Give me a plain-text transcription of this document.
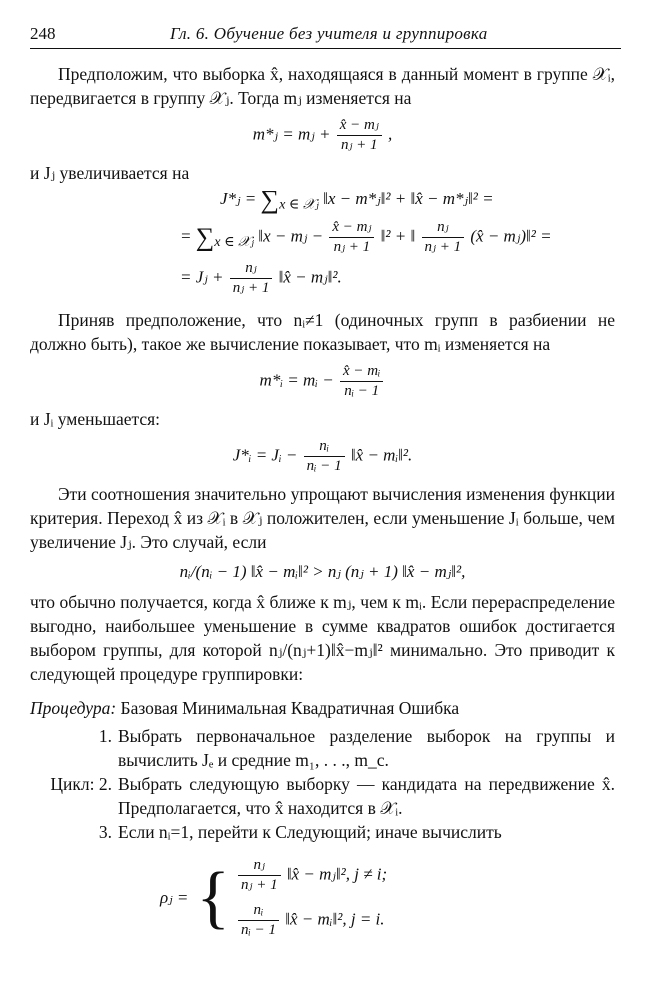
248	Гл. 6. Обучение без учителя и группировка

Предположим, что выборка x̂, находящаяся в данный момент в группе 𝒳ᵢ, передвигается в группу 𝒳ⱼ. Тогда mⱼ изменяется на

m*ⱼ = mⱼ + $\frac{\text{x̂ − mⱼ}}{\text{nⱼ + 1}}$ ,

и Jⱼ увеличивается на

J*ⱼ = $\sum_{x \in 𝒳ⱼ}$ ‖x − m*ⱼ‖² + ‖x̂ − m*ⱼ‖² =
= $\sum_{x \in 𝒳ⱼ}$ ‖x − mⱼ − $\frac{\text{x̂ − mⱼ}}{\text{nⱼ + 1}}$ ‖² + ‖ $\frac{\text{nⱼ}}{\text{nⱼ + 1}}$ (x̂ − mⱼ)‖² =
= Jⱼ + $\frac{\text{nⱼ}}{\text{nⱼ + 1}}$ ‖x̂ − mⱼ‖².

Приняв предположение, что nᵢ≠1 (одиночных групп в разбиении не должно быть), такое же вычисление показывает, что mᵢ изменяется на

m*ᵢ = mᵢ − $\frac{\text{x̂ − mᵢ}}{\text{nᵢ − 1}}$

и Jᵢ уменьшается:

J*ᵢ = Jᵢ − $\frac{\text{nᵢ}}{\text{nᵢ − 1}}$ ‖x̂ − mᵢ‖².

Эти соотношения значительно упрощают вычисления изменения функции критерия. Переход x̂ из 𝒳ᵢ в 𝒳ⱼ положителен, если уменьшение Jᵢ больше, чем увеличение Jⱼ. Это случай, если

nᵢ/(nᵢ − 1) ‖x̂ − mᵢ‖² > nⱼ (nⱼ + 1) ‖x̂ − mⱼ‖²,

что обычно получается, когда x̂ ближе к mⱼ, чем к mᵢ. Если перераспределение выгодно, наибольшее уменьшение в сумме квадратов ошибок достигается выбором группы, для которой nⱼ/(nⱼ+1)‖x̂−mⱼ‖² минимально. Это приводит к следующей процедуре группировки:

Процедура: Базовая Минимальная Квадратичная Ошибка
1. Выбрать первоначальное разделение выборок на группы и вычислить Jₑ и средние m₁, . . ., m_c.
Цикл: 2. Выбрать следующую выборку — кандидата на передвижение x̂. Предполагается, что x̂ находится в 𝒳ᵢ.
3. Если nᵢ=1, перейти к Следующий; иначе вычислить
ρⱼ = { $\frac{\text{nⱼ}}{\text{nⱼ + 1}}$ ‖x̂ − mⱼ‖², j ≠ i;
$\frac{\text{nᵢ}}{\text{nᵢ − 1}}$ ‖x̂ − mᵢ‖², j = i.
